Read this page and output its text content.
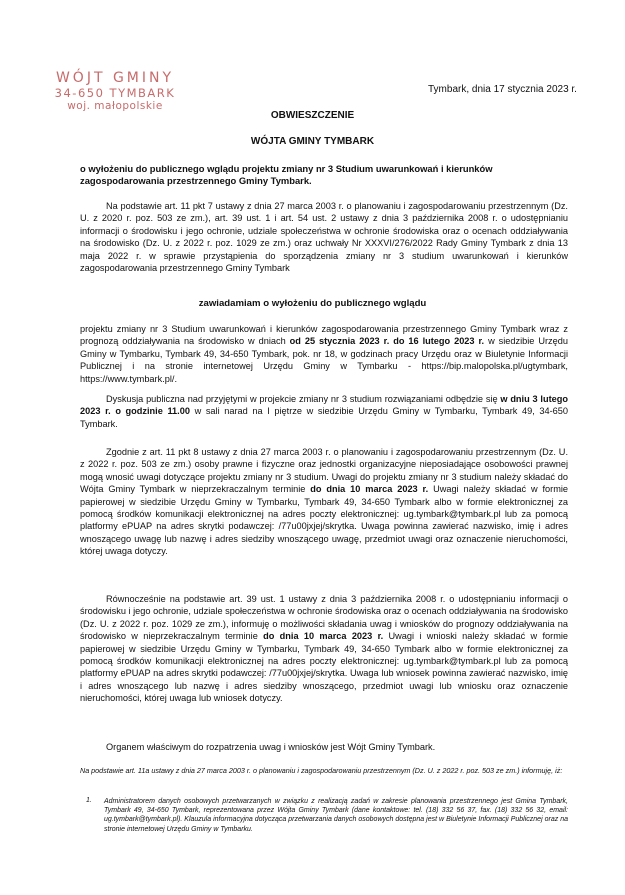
WÓJT GMINY
34-650 TYMBARK
woj. małopolskie
Tymbark, dnia 17 stycznia 2023 r.
OBWIESZCZENIE
WÓJTA GMINY TYMBARK
o wyłożeniu do publicznego wglądu projektu zmiany nr 3 Studium uwarunkowań i kierunków zagospodarowania przestrzennego Gminy Tymbark.
Na podstawie art. 11 pkt 7 ustawy z dnia 27 marca 2003 r. o planowaniu i zagospodarowaniu przestrzennym (Dz. U. z 2020 r. poz. 503 ze zm.), art. 39 ust. 1 i art. 54 ust. 2 ustawy z dnia 3 października 2008 r. o udostępnianiu informacji o środowisku i jego ochronie, udziale społeczeństwa w ochronie środowiska oraz o ocenach oddziaływania na środowisko (Dz. U. z 2022 r. poz. 1029 ze zm.) oraz uchwały Nr XXXVI/276/2022 Rady Gminy Tymbark z dnia 13 maja 2022 r. w sprawie przystąpienia do sporządzenia zmiany nr 3 studium uwarunkowań i kierunków zagospodarowania przestrzennego Gminy Tymbark
zawiadamiam o wyłożeniu do publicznego wglądu
projektu zmiany nr 3 Studium uwarunkowań i kierunków zagospodarowania przestrzennego Gminy Tymbark wraz z prognozą oddziaływania na środowisko w dniach od 25 stycznia 2023 r. do 16 lutego 2023 r. w siedzibie Urzędu Gminy w Tymbarku, Tymbark 49, 34-650 Tymbark, pok. nr 18, w godzinach pracy Urzędu oraz w Biuletynie Informacji Publicznej i na stronie internetowej Urzędu Gminy w Tymbarku - https://bip.malopolska.pl/ugtymbark, https://www.tymbark.pl/.
Dyskusja publiczna nad przyjętymi w projekcie zmiany nr 3 studium rozwiązaniami odbędzie się w dniu 3 lutego 2023 r. o godzinie 11.00 w sali narad na I piętrze w siedzibie Urzędu Gminy w Tymbarku, Tymbark 49, 34-650 Tymbark.
Zgodnie z art. 11 pkt 8 ustawy z dnia 27 marca 2003 r. o planowaniu i zagospodarowaniu przestrzennym (Dz. U. z 2022 r. poz. 503 ze zm.) osoby prawne i fizyczne oraz jednostki organizacyjne nieposiadające osobowości prawnej mogą wnosić uwagi dotyczące projektu zmiany nr 3 studium. Uwagi do projektu zmiany nr 3 studium należy składać do Wójta Gminy Tymbark w nieprzekraczalnym terminie do dnia 10 marca 2023 r. Uwagi należy składać w formie papierowej w siedzibie Urzędu Gminy w Tymbarku, Tymbark 49, 34-650 Tymbark albo w formie elektronicznej za pomocą środków komunikacji elektronicznej na adres poczty elektronicznej: ug.tymbark@tymbark.pl lub za pomocą platformy ePUAP na adres skrytki podawczej: /77u00jxjej/skrytka. Uwaga powinna zawierać nazwisko, imię i adres wnoszącego uwagę lub nazwę i adres siedziby wnoszącego uwagę, przedmiot uwagi oraz oznaczenie nieruchomości, której uwaga dotyczy.
Równocześnie na podstawie art. 39 ust. 1 ustawy z dnia 3 października 2008 r. o udostępnianiu informacji o środowisku i jego ochronie, udziale społeczeństwa w ochronie środowiska oraz o ocenach oddziaływania na środowisko (Dz. U. z 2022 r. poz. 1029 ze zm.), informuję o możliwości składania uwag i wniosków do prognozy oddziaływania na środowisko w nieprzekraczalnym terminie do dnia 10 marca 2023 r. Uwagi i wnioski należy składać w formie papierowej w siedzibie Urzędu Gminy w Tymbarku, Tymbark 49, 34-650 Tymbark albo w formie elektronicznej za pomocą środków komunikacji elektronicznej na adres poczty elektronicznej: ug.tymbark@tymbark.pl lub za pomocą platformy ePUAP na adres skrytki podawczej: /77u00jxjej/skrytka. Uwaga lub wniosek powinna zawierać nazwisko, imię i adres wnoszącego lub nazwę i adres siedziby wnoszącego, przedmiot uwagi lub wniosku oraz oznaczenie nieruchomości, której uwaga lub wniosek dotyczy.
Organem właściwym do rozpatrzenia uwag i wniosków jest Wójt Gminy Tymbark.
Na podstawie art. 11a ustawy z dnia 27 marca 2003 r. o planowaniu i zagospodarowaniu przestrzennym (Dz. U. z 2022 r. poz. 503 ze zm.) informuję, iż:
1. Administratorem danych osobowych przetwarzanych w związku z realizacją zadań w zakresie planowania przestrzennego jest Gmina Tymbark, Tymbark 49, 34-650 Tymbark, reprezentowana przez Wójta Gminy Tymbark (dane kontaktowe: tel. (18) 332 56 37, fax. (18) 332 56 32, email: ug.tymbark@tymbark.pl). Klauzula informacyjna dotycząca przetwarzania danych osobowych dostępna jest w Biuletynie Informacji Publicznej oraz na stronie internetowej Urzędu Gminy w Tymbarku.
